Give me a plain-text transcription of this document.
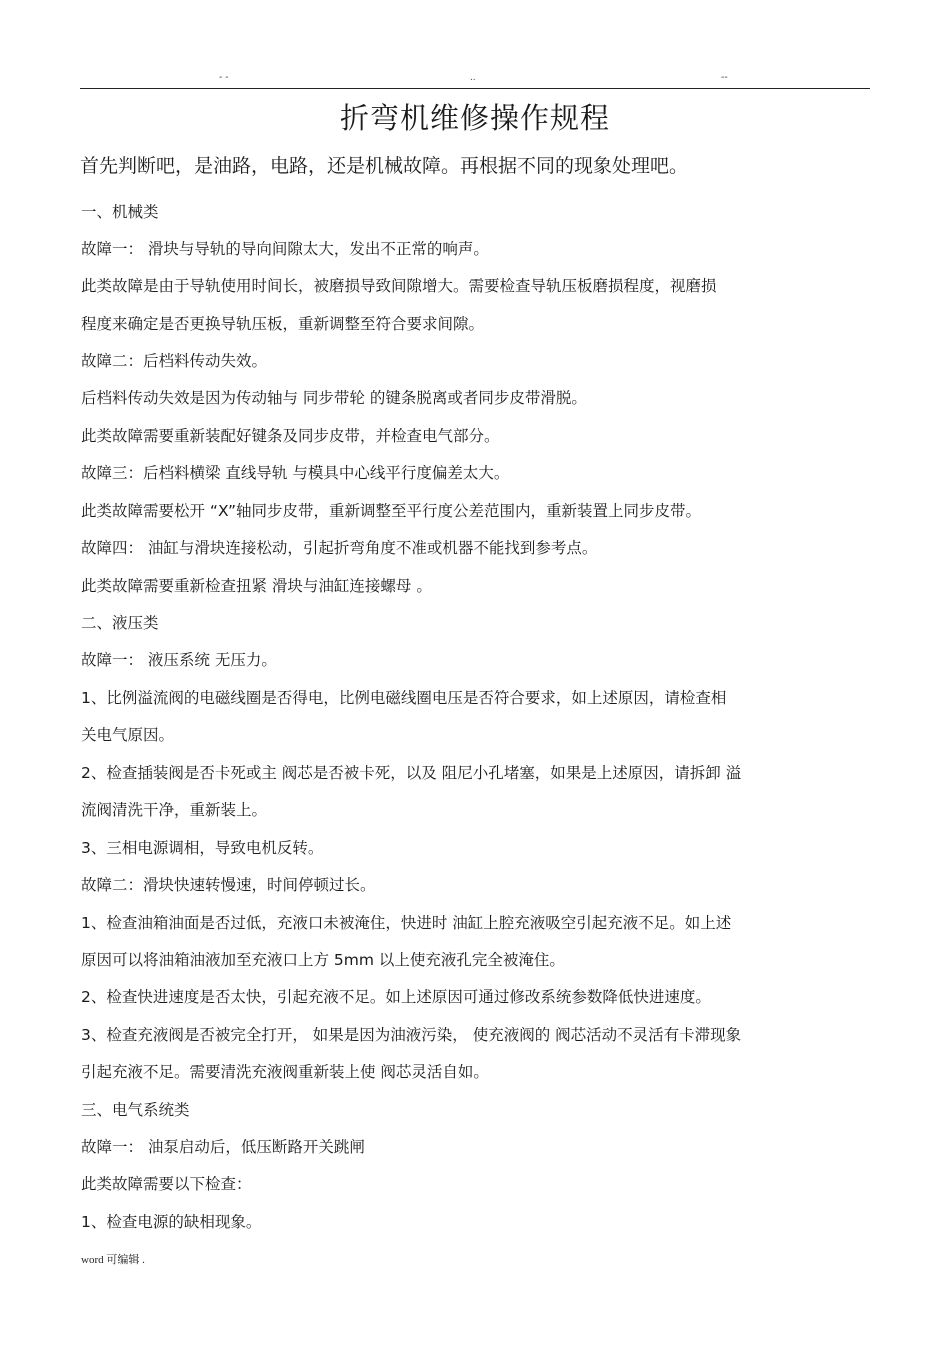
- -	..	--
折弯机维修操作规程
首先判断吧，是油路，电路，还是机械故障。再根据不同的现象处理吧。
一、机械类
故障一： 滑块与导轨的导向间隙太大，发出不正常的响声。
此类故障是由于导轨使用时间长，被磨损导致间隙增大。需要检查导轨压板磨损程度，视磨损
程度来确定是否更换导轨压板，重新调整至符合要求间隙。
故障二：后档料传动失效。
后档料传动失效是因为传动轴与 同步带轮 的键条脱离或者同步皮带滑脱。
此类故障需要重新装配好键条及同步皮带，并检查电气部分。
故障三：后档料横梁 直线导轨 与模具中心线平行度偏差太大。
此类故障需要松开 “X”轴同步皮带，重新调整至平行度公差范围内，重新装置上同步皮带。
故障四： 油缸与滑块连接松动，引起折弯角度不准或机器不能找到参考点。
此类故障需要重新检查扭紧 滑块与油缸连接螺母 。
二、液压类
故障一： 液压系统 无压力。
1、比例溢流阀的电磁线圈是否得电，比例电磁线圈电压是否符合要求，如上述原因，请检查相
关电气原因。
2、检查插装阀是否卡死或主 阀芯是否被卡死，以及 阻尼小孔堵塞，如果是上述原因，请拆卸 溢
流阀清洗干净，重新装上。
3、三相电源调相，导致电机反转。
故障二：滑块快速转慢速，时间停顿过长。
1、检查油箱油面是否过低，充液口未被淹住，快进时 油缸上腔充液吸空引起充液不足。如上述
原因可以将油箱油液加至充液口上方 5mm 以上使充液孔完全被淹住。
2、检查快进速度是否太快，引起充液不足。如上述原因可通过修改系统参数降低快进速度。
3、检查充液阀是否被完全打开， 如果是因为油液污染， 使充液阀的 阀芯活动不灵活有卡滞现象
引起充液不足。需要清洗充液阀重新装上使 阀芯灵活自如。
三、电气系统类
故障一： 油泵启动后，低压断路开关跳闸
此类故障需要以下检查：
1、检查电源的缺相现象。
word 可编辑 .
